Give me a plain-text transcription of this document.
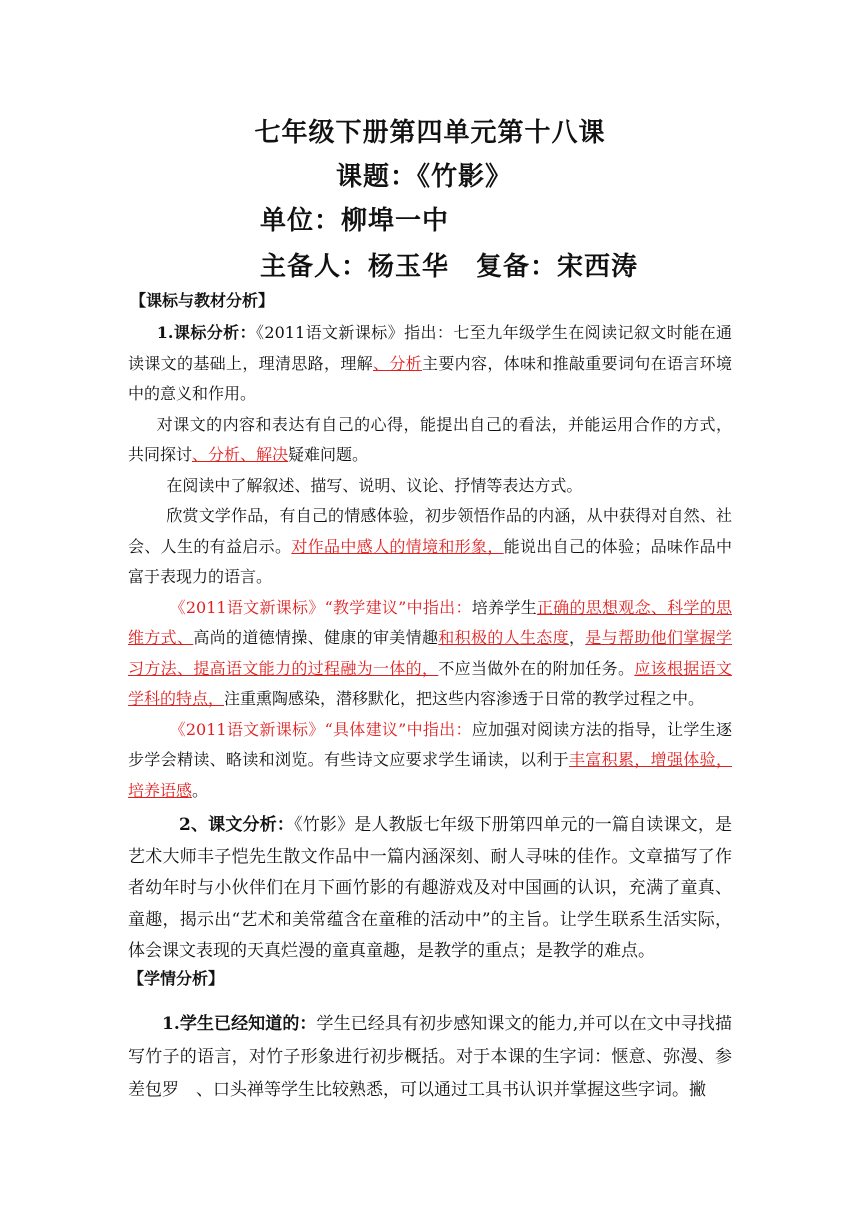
七年级下册第四单元第十八课
课题：《竹影》
单位：柳埠一中
主备人：杨玉华　复备：宋西涛
【课标与教材分析】

1.课标分析：《2011语文新课标》指出：七至九年级学生在阅读记叙文时能在通读课文的基础上，理清思路，理解、分析主要内容，体味和推敲重要词句在语言环境中的意义和作用。

对课文的内容和表达有自己的心得，能提出自己的看法，并能运用合作的方式，共同探讨、分析、解决疑难问题。

在阅读中了解叙述、描写、说明、议论、抒情等表达方式。

欣赏文学作品，有自己的情感体验，初步领悟作品的内涵，从中获得对自然、社会、人生的有益启示。对作品中感人的情境和形象，能说出自己的体验；品味作品中富于表现力的语言。

《2011语文新课标》“教学建议”中指出：培养学生正确的思想观念、科学的思维方式、高尚的道德情操、健康的审美情趣和积极的人生态度，是与帮助他们掌握学习方法、提高语文能力的过程融为一体的，不应当做外在的附加任务。应该根据语文学科的特点，注重熏陶感染，潜移默化，把这些内容渗透于日常的教学过程之中。

《2011语文新课标》“具体建议”中指出：应加强对阅读方法的指导，让学生逐步学会精读、略读和浏览。有些诗文应要求学生诵读，以利于丰富积累，增强体验，培养语感。

2、课文分析：《竹影》是人教版七年级下册第四单元的一篇自读课文，是艺术大师丰子恺先生散文作品中一篇内涵深刻、耐人寻味的佳作。文章描写了作者幼年时与小伙伴们在月下画竹影的有趣游戏及对中国画的认识，充满了童真、童趣，揭示出“艺术和美常蕴含在童稚的活动中”的主旨。让学生联系生活实际，体会课文表现的天真烂漫的童真童趣，是教学的重点；是教学的难点。

【学情分析】

1.学生已经知道的：学生已经具有初步感知课文的能力,并可以在文中寻找描写竹子的语言，对竹子形象进行初步概括。对于本课的生字词：惬意、弥漫、参差包罗　、口头禅等学生比较熟悉，可以通过工具书认识并掌握这些字词。撇
